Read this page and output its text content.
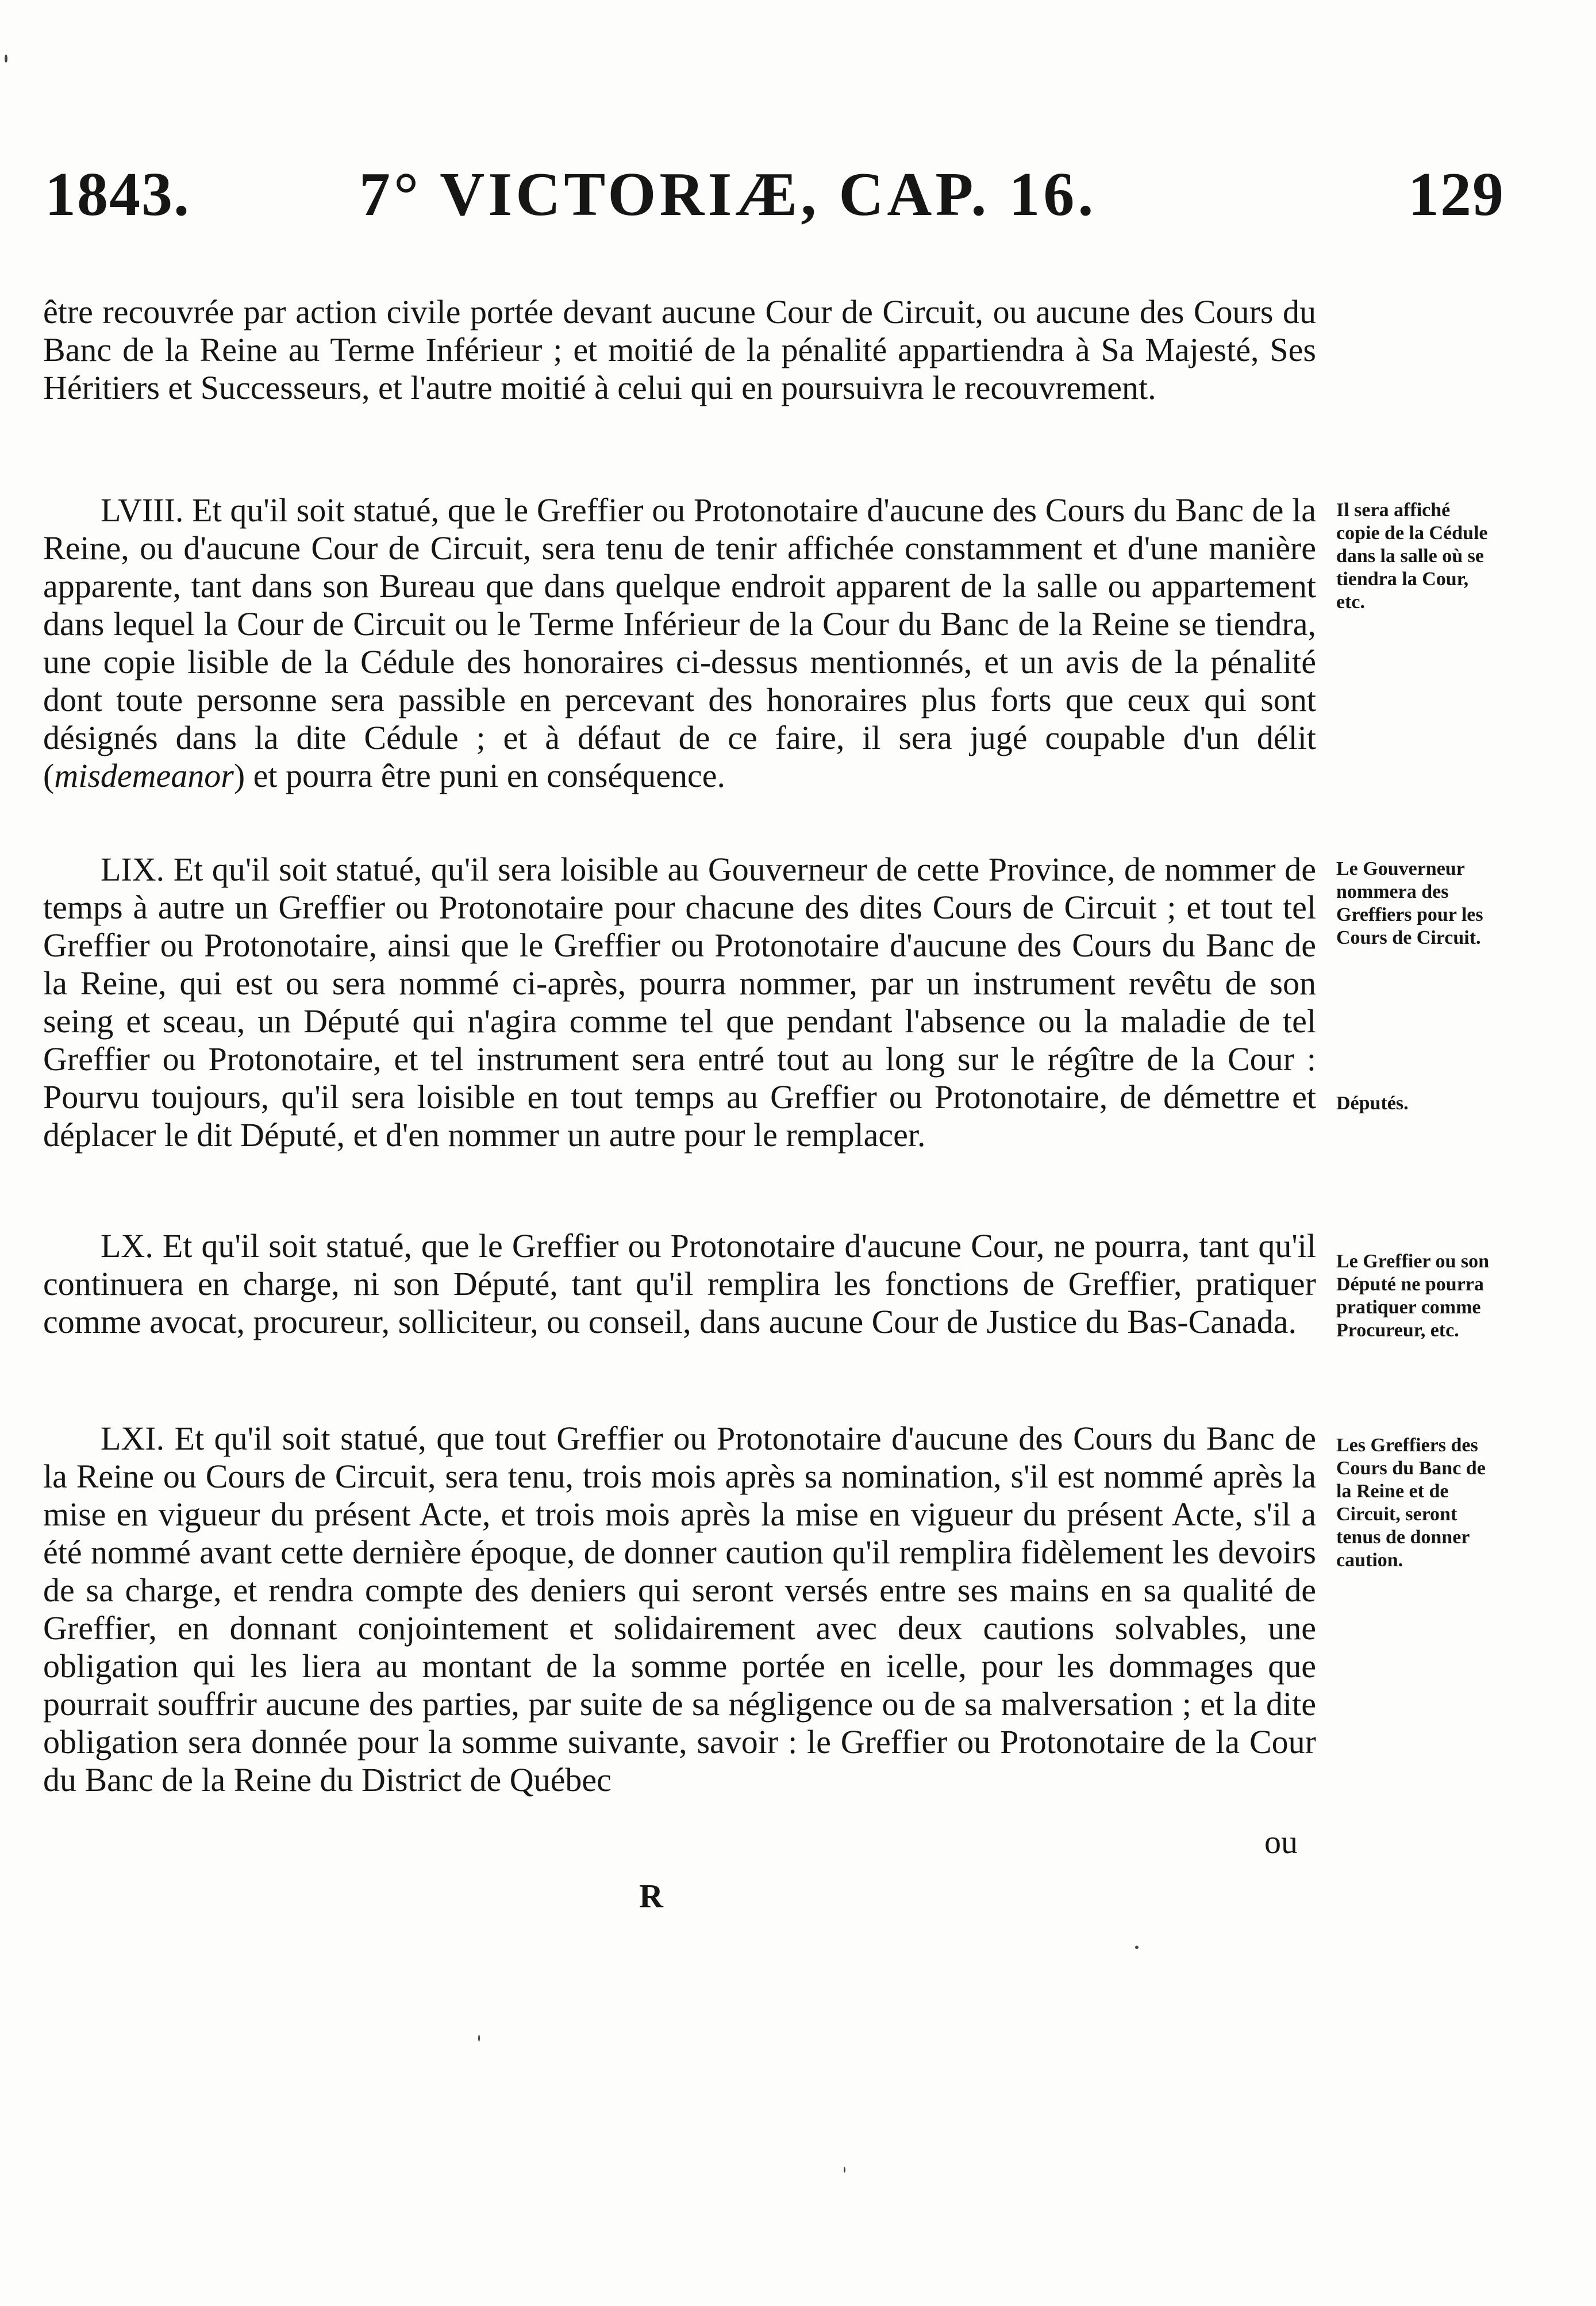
1843.	7° VICTORIÆ, CAP. 16.	129

être recouvrée par action civile portée devant aucune Cour de Circuit, ou aucune des Cours du Banc de la Reine au Terme Inférieur ; et moitié de la pénalité appartiendra à Sa Majesté, Ses Héritiers et Successeurs, et l'autre moitié à celui qui en poursuivra le recouvrement.

LVIII. Et qu'il soit statué, que le Greffier ou Protonotaire d'aucune des Cours du Banc de la Reine, ou d'aucune Cour de Circuit, sera tenu de tenir affichée constamment et d'une manière apparente, tant dans son Bureau que dans quelque endroit apparent de la salle ou appartement dans lequel la Cour de Circuit ou le Terme Inférieur de la Cour du Banc de la Reine se tiendra, une copie lisible de la Cédule des honoraires ci-dessus mentionnés, et un avis de la pénalité dont toute personne sera passible en percevant des honoraires plus forts que ceux qui sont désignés dans la dite Cédule ; et à défaut de ce faire, il sera jugé coupable d'un délit (misdemeanor) et pourra être puni en conséquence.

LIX. Et qu'il soit statué, qu'il sera loisible au Gouverneur de cette Province, de nommer de temps à autre un Greffier ou Protonotaire pour chacune des dites Cours de Circuit ; et tout tel Greffier ou Protonotaire, ainsi que le Greffier ou Protonotaire d'aucune des Cours du Banc de la Reine, qui est ou sera nommé ci-après, pourra nommer, par un instrument revêtu de son seing et sceau, un Député qui n'agira comme tel que pendant l'absence ou la maladie de tel Greffier ou Protonotaire, et tel instrument sera entré tout au long sur le régître de la Cour : Pourvu toujours, qu'il sera loisible en tout temps au Greffier ou Protonotaire, de démettre et déplacer le dit Député, et d'en nommer un autre pour le remplacer.

LX. Et qu'il soit statué, que le Greffier ou Protonotaire d'aucune Cour, ne pourra, tant qu'il continuera en charge, ni son Député, tant qu'il remplira les fonctions de Greffier, pratiquer comme avocat, procureur, solliciteur, ou conseil, dans aucune Cour de Justice du Bas-Canada.

LXI. Et qu'il soit statué, que tout Greffier ou Protonotaire d'aucune des Cours du Banc de la Reine ou Cours de Circuit, sera tenu, trois mois après sa nomination, s'il est nommé après la mise en vigueur du présent Acte, et trois mois après la mise en vigueur du présent Acte, s'il a été nommé avant cette dernière époque, de donner caution qu'il remplira fidèlement les devoirs de sa charge, et rendra compte des deniers qui seront versés entre ses mains en sa qualité de Greffier, en donnant conjointement et solidairement avec deux cautions solvables, une obligation qui les liera au montant de la somme portée en icelle, pour les dommages que pourrait souffrir aucune des parties, par suite de sa négligence ou de sa malversation ; et la dite obligation sera donnée pour la somme suivante, savoir : le Greffier ou Protonotaire de la Cour du Banc de la Reine du District de Québec

Il sera affiché copie de la Cédule dans la salle où se tiendra la Cour, etc.
Le Gouverneur nommera des Greffiers pour les Cours de Circuit.
Députés.
Le Greffier ou son Député ne pourra pratiquer comme Procureur, etc.
Les Greffiers des Cours du Banc de la Reine et de Circuit, seront tenus de donner caution.
ou
R
